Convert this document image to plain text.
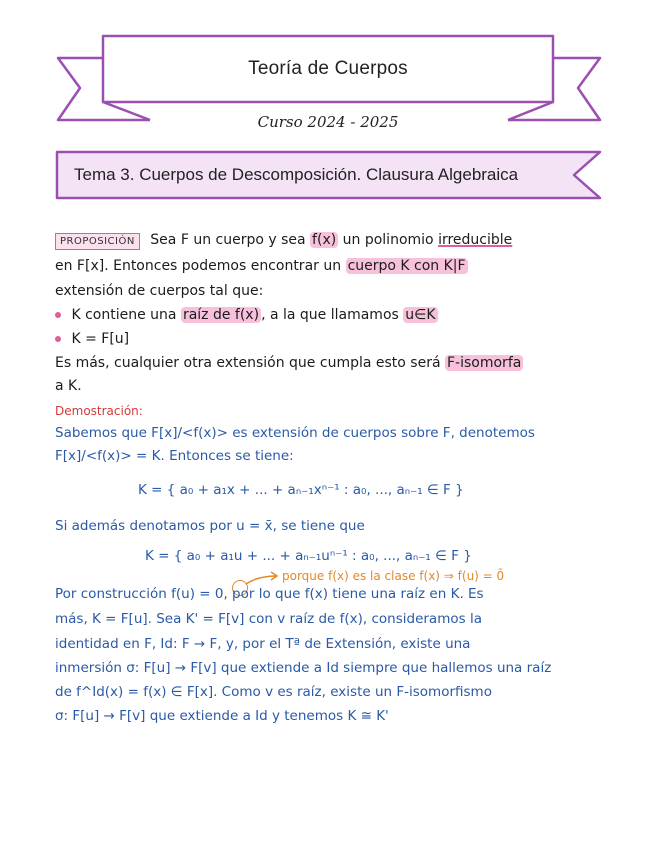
Teoría de Cuerpos
Curso 2024 - 2025
Tema 3. Cuerpos de Descomposición. Clausura Algebraica
PROPOSICIÓN Sea F un cuerpo y sea f(x) un polinomio irreducible
en F[x]. Entonces podemos encontrar un cuerpo K con K|F
extensión de cuerpos tal que:
K contiene una raíz de f(x) , a la que llamamos u∈K
K = F[u]
Es más, cualquier otra extensión que cumpla esto será F-isomorfa
a K.
Demostración:
Sabemos que F[x]/<f(x)> es extensión de cuerpos sobre F, denotemos
F[x]/<f(x)> = K. Entonces se tiene:
K = { a₀ + a₁x + ... + aₙ₋₁xⁿ⁻¹ : a₀, ..., aₙ₋₁ ∈ F }
Si además denotamos por u = x̄, se tiene que
K = { a₀ + a₁u + ... + aₙ₋₁uⁿ⁻¹ : a₀, ..., aₙ₋₁ ∈ F }
porque f(x) es la clase f(x) ⇒ f(u) = 0̄
Por construcción f(u) = 0, por lo que f(x) tiene una raíz en K. Es
más, K = F[u]. Sea K' = F[v] con v raíz de f(x), consideramos la
identidad en F, Id: F → F, y, por el Tª de Extensión, existe una
inmersión σ: F[u] → F[v] que extiende a Id siempre que hallemos una raíz
de f^Id(x) = f(x) ∈ F[x]. Como v es raíz, existe un F-isomorfismo
σ: F[u] → F[v] que extiende a Id y tenemos K ≅ K'
